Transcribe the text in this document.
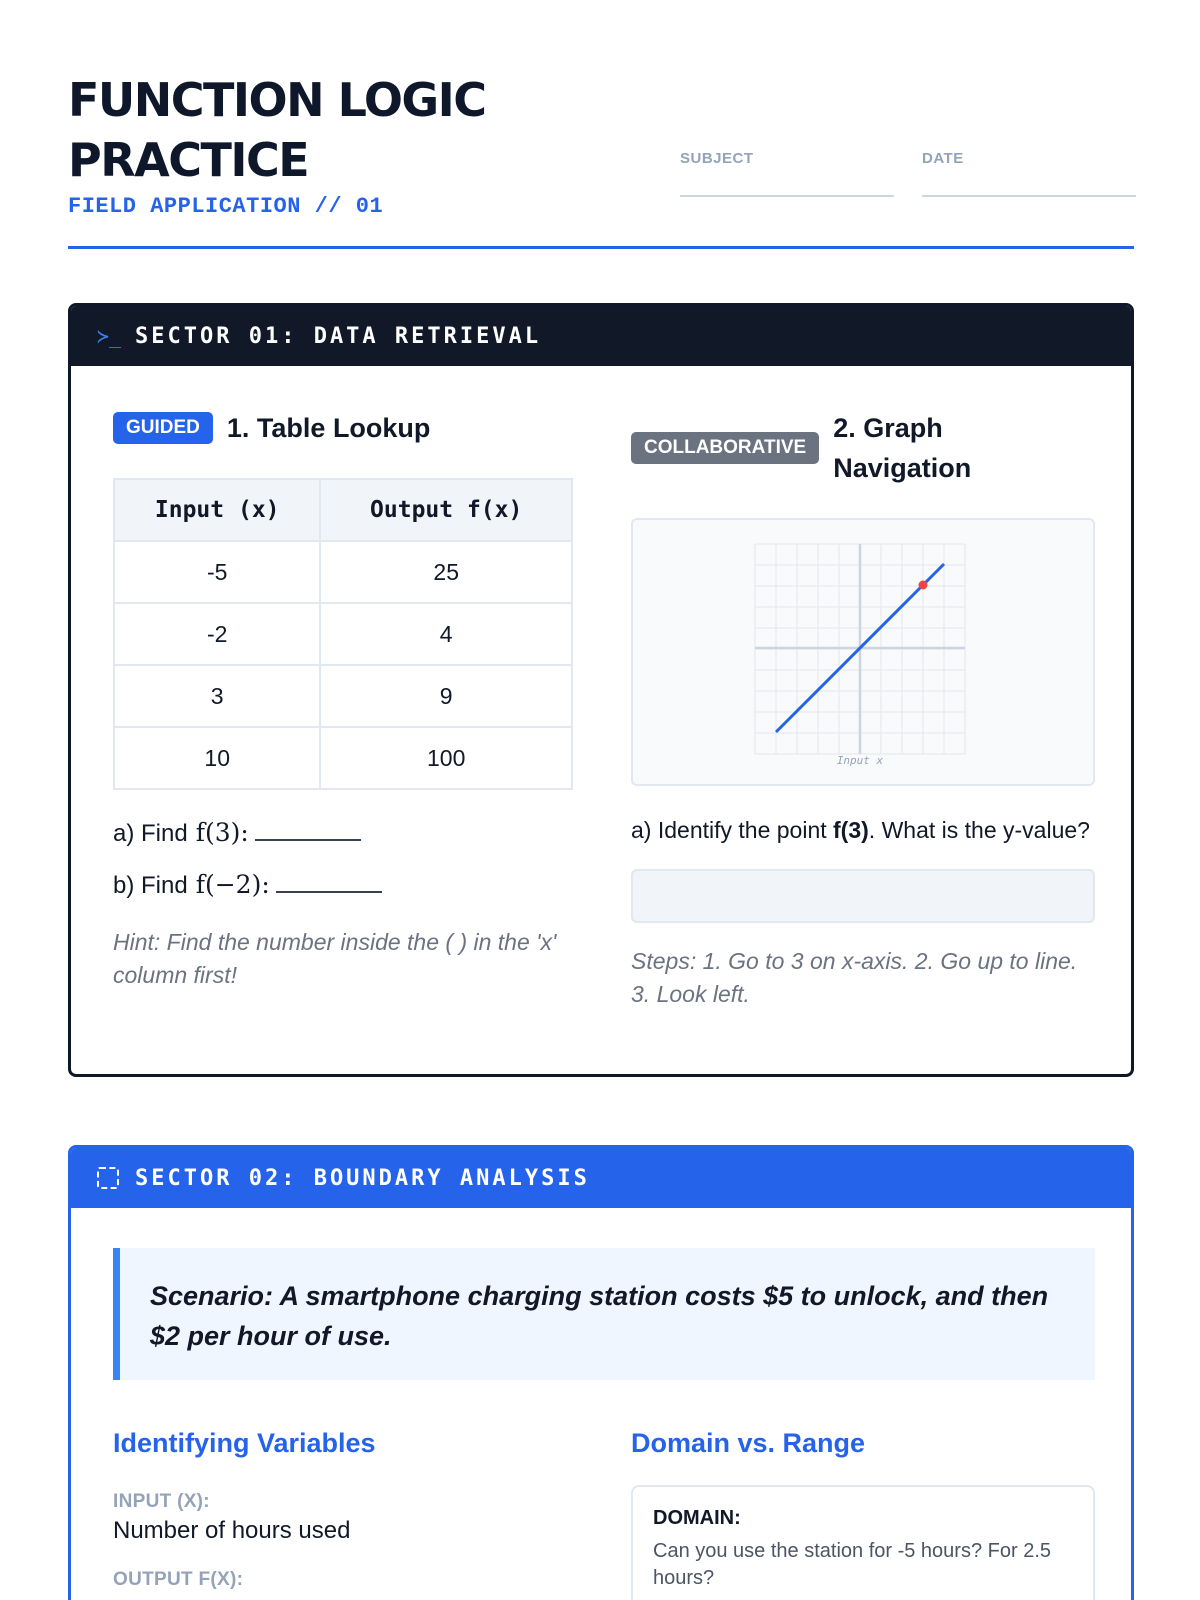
FUNCTION LOGIC PRACTICE
FIELD APPLICATION // 01
SUBJECT	DATE
≻_ SECTOR 01: DATA RETRIEVAL
GUIDED	1. Table Lookup
Input (x)	Output f(x)
-5	25
-2	4
3	9
10	100
a) Find f(3):
b) Find f(−2):
Hint: Find the number inside the ( ) in the 'x' column first!
COLLABORATIVE
2. Graph Navigation
Input x
a) Identify the point f(3). What is the y-value?
Steps: 1. Go to 3 on x-axis. 2. Go up to line. 3. Look left.
SECTOR 02: BOUNDARY ANALYSIS

Scenario: A smartphone charging station costs $5 to unlock, and then $2 per hour of use.

Identifying Variables
INPUT (X):
Number of hours used
OUTPUT F(X):
Domain vs. Range
DOMAIN:
Can you use the station for -5 hours? For 2.5 hours?
